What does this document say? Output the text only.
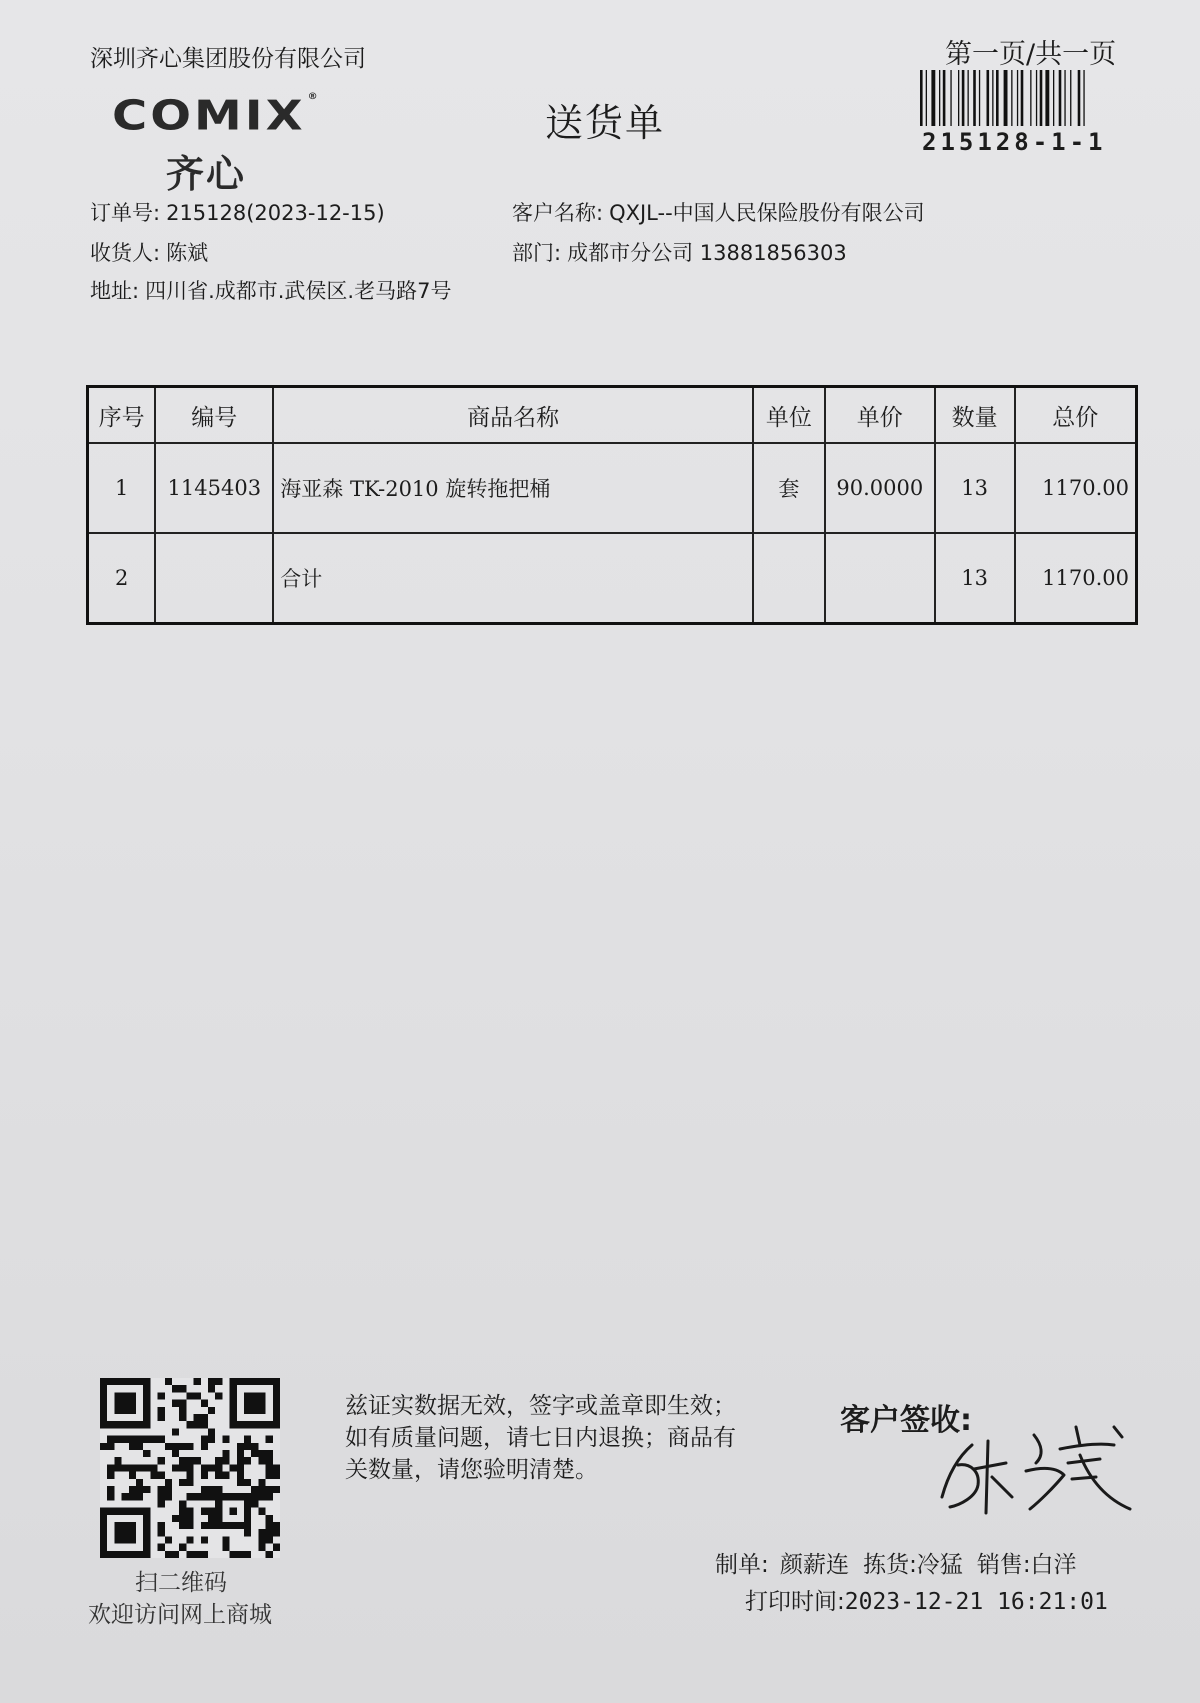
深圳齐心集团股份有限公司
COMIX ®
齐心
送货单
第一页/共一页
215128-1-1
订单号: 215128(2023-12-15)	客户名称: QXJL--中国人民保险股份有限公司
收货人: 陈斌	部门: 成都市分公司 13881856303
地址: 四川省.成都市.武侯区.老马路7号
序号	编号	商品名称	单位	单价	数量	总价
1	1145403	海亚森 TK-2010 旋转拖把桶	套	90.0000	13	1170.00
2		合计			13	1170.00
扫二维码
欢迎访问网上商城
兹证实数据无效，签字或盖章即生效；如有质量问题，请七日内退换；商品有关数量，请您验明清楚。
客户签收:
制单: 颜薪连 拣货:冷猛 销售:白洋
打印时间:2023-12-21 16:21:01
